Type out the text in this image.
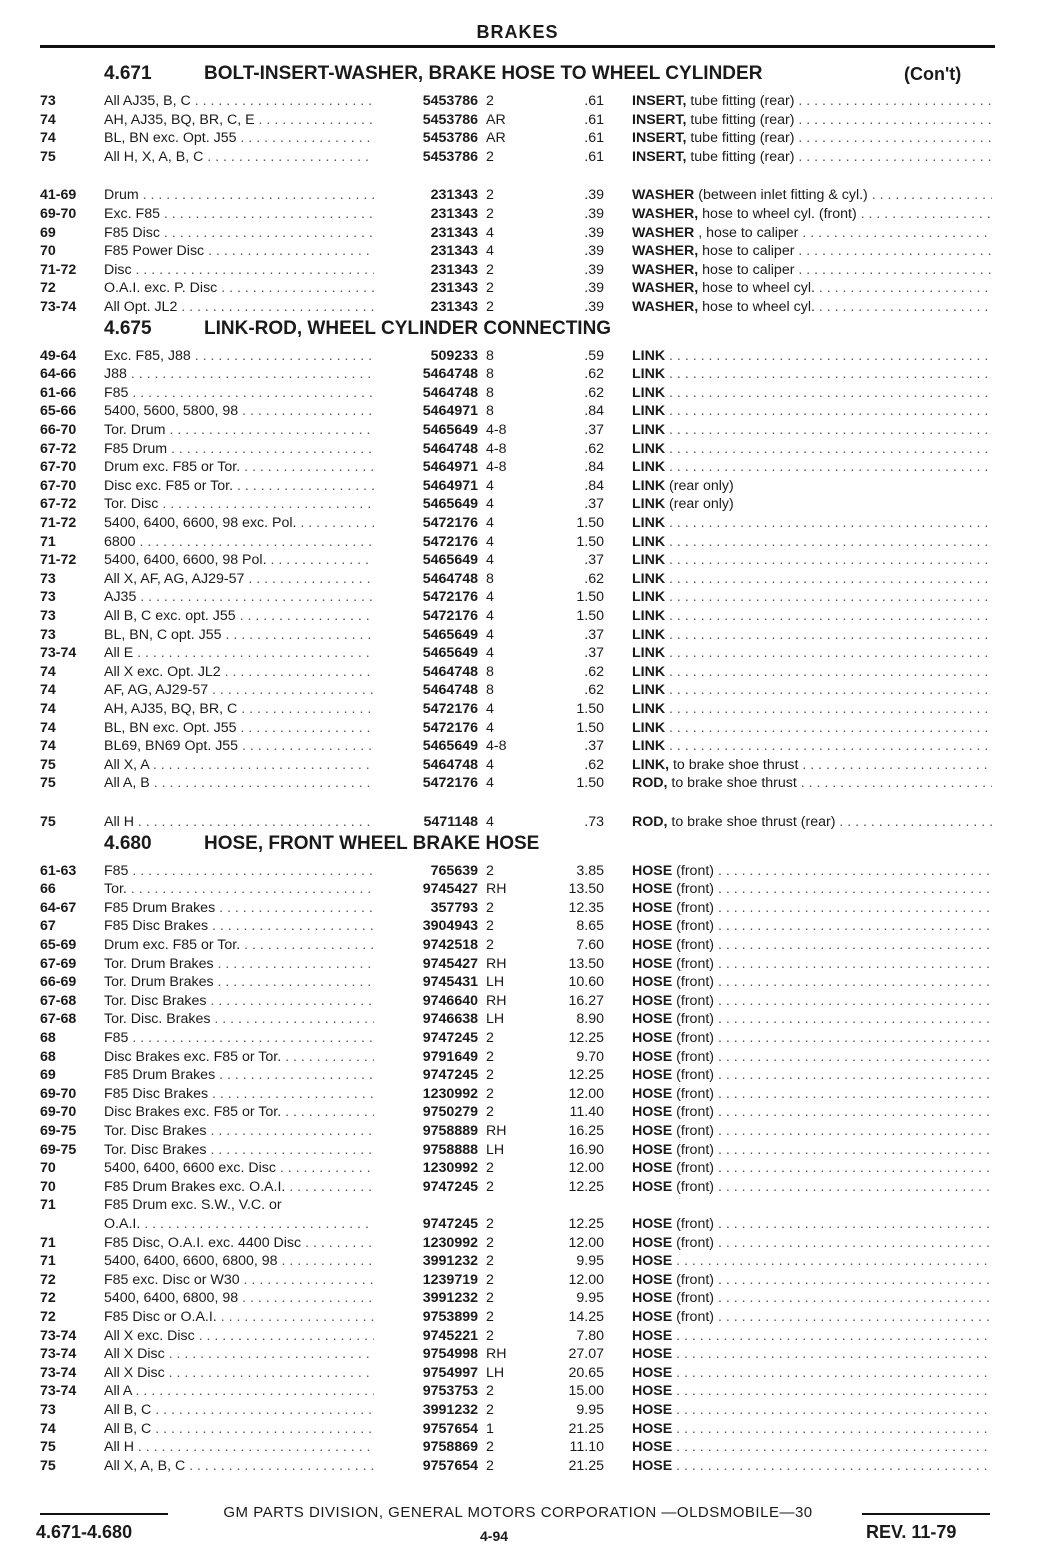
BRAKES
4.671	BOLT-INSERT-WASHER, BRAKE HOSE TO WHEEL CYLINDER	(Con't)
73	All AJ35, B, C . . .	5453786 2	.61 INSERT, tube fitting (rear) . . .
74	AH, AJ35, BQ, BR, C, E . . .	5453786 AR	.61 INSERT, tube fitting (rear) . . .
74	BL, BN exc. Opt. J55 . . .	5453786 AR	.61 INSERT, tube fitting (rear) . . .
75	All H, X, A, B, C . . .	5453786 2	.61 INSERT, tube fitting (rear) . . .
41-69	Drum . . .	231343 2	.39 WASHER (between inlet fitting & cyl.) . . .
69-70	Exc. F85 . . .	231343 2	.39 WASHER, hose to wheel cyl. (front) . . .
69	F85 Disc . . .	231343 4	.39 WASHER , hose to caliper . . .
70	F85 Power Disc . . .	231343 4	.39 WASHER, hose to caliper . . .
71-72	Disc . . .	231343 2	.39 WASHER, hose to caliper . . .
72	O.A.I. exc. P. Disc . . .	231343 2	.39 WASHER, hose to wheel cyl. . . .
73-74	All Opt. JL2 . . .	231343 2	.39 WASHER, hose to wheel cyl. . . .
4.675	LINK-ROD, WHEEL CYLINDER CONNECTING
49-64	Exc. F85, J88 . . .	509233 8	.59 LINK . . .
64-66	J88 . . .	5464748 8	.62 LINK . . .
61-66	F85 . . .	5464748 8	.62 LINK . . .
65-66	5400, 5600, 5800, 98 . . .	5464971 8	.84 LINK . . .
66-70	Tor. Drum . . .	5465649 4-8	.37 LINK . . .
67-72	F85 Drum . . .	5464748 4-8	.62 LINK . . .
67-70	Drum exc. F85 or Tor. . . .	5464971 4-8	.84 LINK . . .
67-70	Disc exc. F85 or Tor. . . .	5464971 4	.84 LINK (rear only)
67-72	Tor. Disc . . .	5465649 4	.37 LINK (rear only)
71-72	5400, 6400, 6600, 98 exc. Pol. . . .	5472176 4	1.50 LINK . . .
71	6800 . . .	5472176 4	1.50 LINK . . .
71-72	5400, 6400, 6600, 98 Pol. . . .	5465649 4	.37 LINK . . .
73	All X, AF, AG, AJ29-57 . . .	5464748 8	.62 LINK . . .
73	AJ35 . . .	5472176 4	1.50 LINK . . .
73	All B, C exc. opt. J55 . . .	5472176 4	1.50 LINK . . .
73	BL, BN, C opt. J55 . . .	5465649 4	.37 LINK . . .
73-74	All E . . .	5465649 4	.37 LINK . . .
74	All X exc. Opt. JL2 . . .	5464748 8	.62 LINK . . .
74	AF, AG, AJ29-57 . . .	5464748 8	.62 LINK . . .
74	AH, AJ35, BQ, BR, C . . .	5472176 4	1.50 LINK . . .
74	BL, BN exc. Opt. J55 . . .	5472176 4	1.50 LINK . . .
74	BL69, BN69 Opt. J55 . . .	5465649 4-8	.37 LINK . . .
75	All X, A . . .	5464748 4	.62 LINK, to brake shoe thrust . . .
75	All A, B . . .	5472176 4	1.50 ROD, to brake shoe thrust . . .
75	All H . . .	5471148 4	.73 ROD, to brake shoe thrust (rear) . . .
4.680	HOSE, FRONT WHEEL BRAKE HOSE
61-63	F85 . . .	765639 2	3.85 HOSE (front) . . .
66	Tor. . . .	9745427 RH	13.50 HOSE (front) . . .
64-67	F85 Drum Brakes . . .	357793 2	12.35 HOSE (front) . . .
67	F85 Disc Brakes . . .	3904943 2	8.65 HOSE (front) . . .
65-69	Drum exc. F85 or Tor. . . .	9742518 2	7.60 HOSE (front) . . .
67-69	Tor. Drum Brakes . . .	9745427 RH	13.50 HOSE (front) . . .
66-69	Tor. Drum Brakes . . .	9745431 LH	10.60 HOSE (front) . . .
67-68	Tor. Disc Brakes . . .	9746640 RH	16.27 HOSE (front) . . .
67-68	Tor. Disc. Brakes . . .	9746638 LH	8.90 HOSE (front) . . .
68	F85 . . .	9747245 2	12.25 HOSE (front) . . .
68	Disc Brakes exc. F85 or Tor. . . .	9791649 2	9.70 HOSE (front) . . .
69	F85 Drum Brakes . . .	9747245 2	12.25 HOSE (front) . . .
69-70	F85 Disc Brakes . . .	1230992 2	12.00 HOSE (front) . . .
69-70	Disc Brakes exc. F85 or Tor. . . .	9750279 2	11.40 HOSE (front) . . .
69-75	Tor. Disc Brakes . . .	9758889 RH	16.25 HOSE (front) . . .
69-75	Tor. Disc Brakes . . .	9758888 LH	16.90 HOSE (front) . . .
70	5400, 6400, 6600 exc. Disc . . .	1230992 2	12.00 HOSE (front) . . .
70	F85 Drum Brakes exc. O.A.I. . . .	9747245 2	12.25 HOSE (front) . . .
71	F85 Drum exc. S.W., V.C. or
O.A.I. . . .	9747245 2	12.25 HOSE (front) . . .
71	F85 Disc, O.A.I. exc. 4400 Disc . . .	1230992 2	12.00 HOSE (front) . . .
71	5400, 6400, 6600, 6800, 98 . . .	3991232 2	9.95 HOSE . . .
72	F85 exc. Disc or W30 . . .	1239719 2	12.00 HOSE (front) . . .
72	5400, 6400, 6800, 98 . . .	3991232 2	9.95 HOSE (front) . . .
72	F85 Disc or O.A.I. . . .	9753899 2	14.25 HOSE (front) . . .
73-74	All X exc. Disc . . .	9745221 2	7.80 HOSE . . .
73-74	All X Disc . . .	9754998 RH	27.07 HOSE . . .
73-74	All X Disc . . .	9754997 LH	20.65 HOSE . . .
73-74	All A . . .	9753753 2	15.00 HOSE . . .
73	All B, C . . .	3991232 2	9.95 HOSE . . .
74	All B, C . . .	9757654 1	21.25 HOSE . . .
75	All H . . .	9758869 2	11.10 HOSE . . .
75	All X, A, B, C . . .	9757654 2	21.25 HOSE . . .
GM PARTS DIVISION, GENERAL MOTORS CORPORATION —OLDSMOBILE—30
4.671-4.680	4-94	REV. 11-79
